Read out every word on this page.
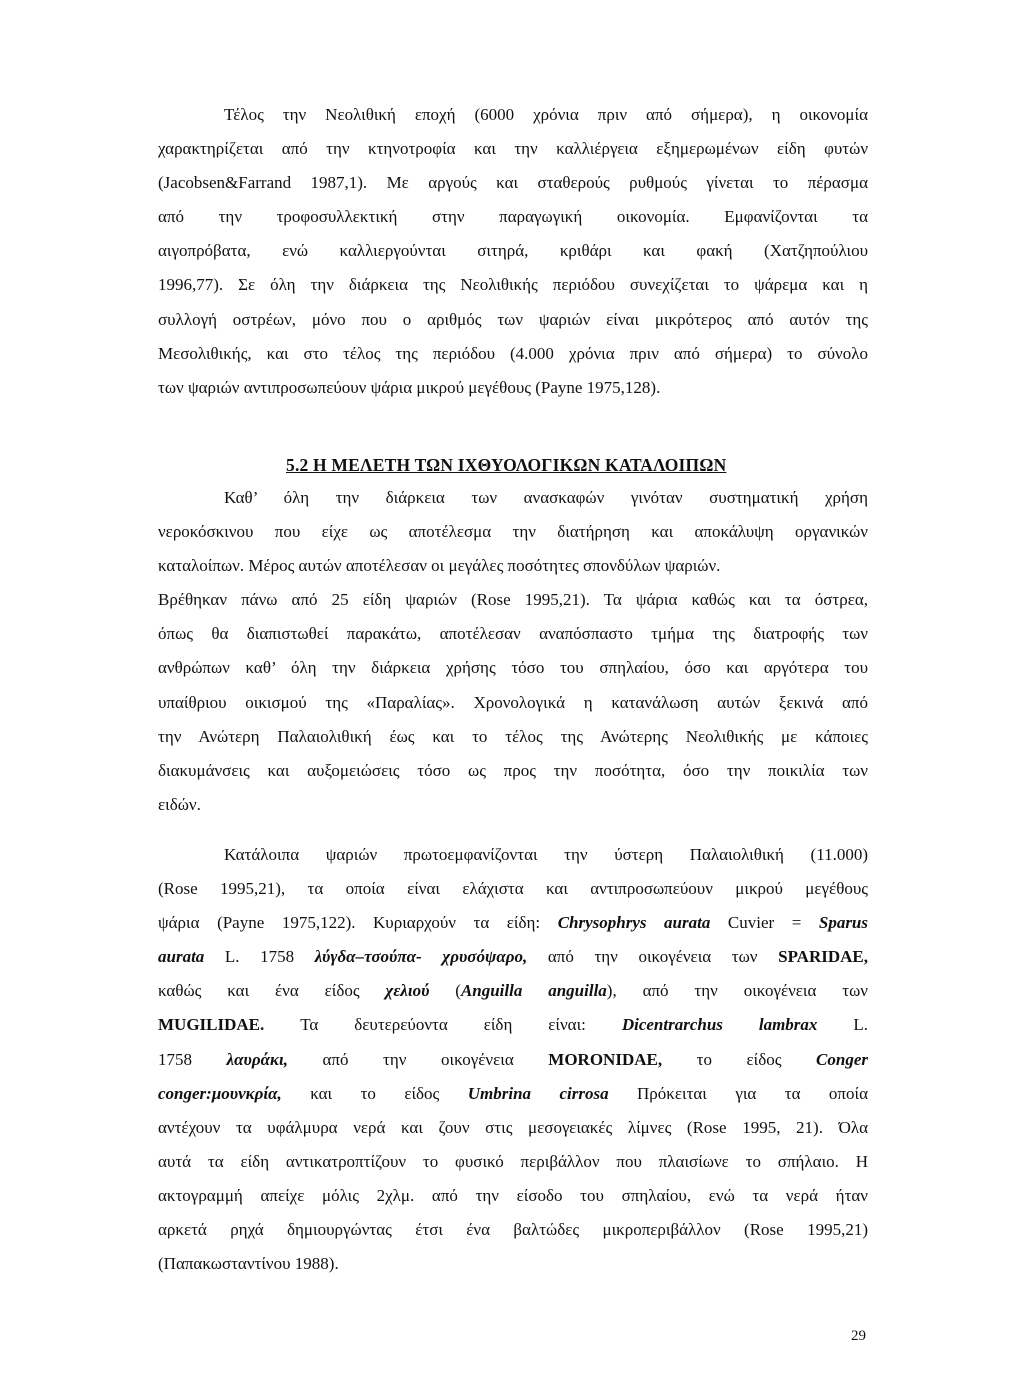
Τέλος την Νεολιθική εποχή (6000 χρόνια πριν από σήμερα), η οικονομία
χαρακτηρίζεται από την κτηνοτροφία και την καλλιέργεια εξημερωμένων είδη φυτών
(Jacobsen&Farrand 1987,1). Με αργούς και σταθερούς ρυθμούς γίνεται το πέρασμα
από την τροφοσυλλεκτική στην παραγωγική οικονομία. Εμφανίζονται τα
αιγοπρόβατα, ενώ καλλιεργούνται σιτηρά, κριθάρι και φακή (Χατζηπούλιου
1996,77). Σε όλη την διάρκεια της Νεολιθικής περιόδου συνεχίζεται το ψάρεμα και η
συλλογή οστρέων, μόνο που ο αριθμός των ψαριών είναι μικρότερος από αυτόν της
Μεσολιθικής, και στο τέλος της περιόδου (4.000 χρόνια πριν από σήμερα) το σύνολο
των ψαριών αντιπροσωπεύουν ψάρια μικρού μεγέθους (Payne 1975,128).

5.2 Η ΜΕΛΕΤΗ ΤΩΝ ΙΧΘΥΟΛΟΓΙΚΩΝ ΚΑΤΑΛΟΙΠΩΝ

Καθ’ όλη την διάρκεια των ανασκαφών γινόταν συστηματική χρήση
νεροκόσκινου που είχε ως αποτέλεσμα την διατήρηση και αποκάλυψη οργανικών
καταλοίπων. Μέρος αυτών αποτέλεσαν οι μεγάλες ποσότητες σπονδύλων ψαριών.
Βρέθηκαν πάνω από 25 είδη ψαριών (Rose 1995,21). Τα ψάρια καθώς και τα όστρεα,
όπως θα διαπιστωθεί παρακάτω, αποτέλεσαν αναπόσπαστο τμήμα της διατροφής των
ανθρώπων καθ’ όλη την διάρκεια χρήσης τόσο του σπηλαίου, όσο και αργότερα του
υπαίθριου οικισμού της «Παραλίας». Χρονολογικά η κατανάλωση αυτών ξεκινά από
την Ανώτερη Παλαιολιθική έως και το τέλος της Ανώτερης Νεολιθικής με κάποιες
διακυμάνσεις και αυξομειώσεις τόσο ως προς την ποσότητα, όσο την ποικιλία των
ειδών.
Κατάλοιπα ψαριών πρωτοεμφανίζονται την ύστερη Παλαιολιθική (11.000)
(Rose 1995,21), τα οποία είναι ελάχιστα και αντιπροσωπεύουν μικρού μεγέθους
ψάρια (Payne 1975,122). Κυριαρχούν τα είδη: Chrysophrys aurata Cuvier = Sparus
aurata L. 1758 λύγδα–τσούπα- χρυσόψαρο, από την οικογένεια των SPARIDAE,
καθώς και ένα είδος χελιού (Anguilla anguilla), από την οικογένεια των
MUGILIDAE. Τα δευτερεύοντα είδη είναι: Dicentrarchus lambrax L.
1758 λαυράκι, από την οικογένεια MORONIDAE, το είδος Conger
conger:μουνκρία, και το είδος Umbrina cirrosa Πρόκειται για τα οποία
αντέχουν τα υφάλμυρα νερά και ζουν στις μεσογειακές λίμνες (Rose 1995, 21). Όλα
αυτά τα είδη αντικατροπτίζουν το φυσικό περιβάλλον που πλαισίωνε το σπήλαιο. Η
ακτογραμμή απείχε μόλις 2χλμ. από την είσοδο του σπηλαίου, ενώ τα νερά ήταν
αρκετά ρηχά δημιουργώντας έτσι ένα βαλτώδες μικροπεριβάλλον (Rose 1995,21)
(Παπακωσταντίνου 1988).
29
